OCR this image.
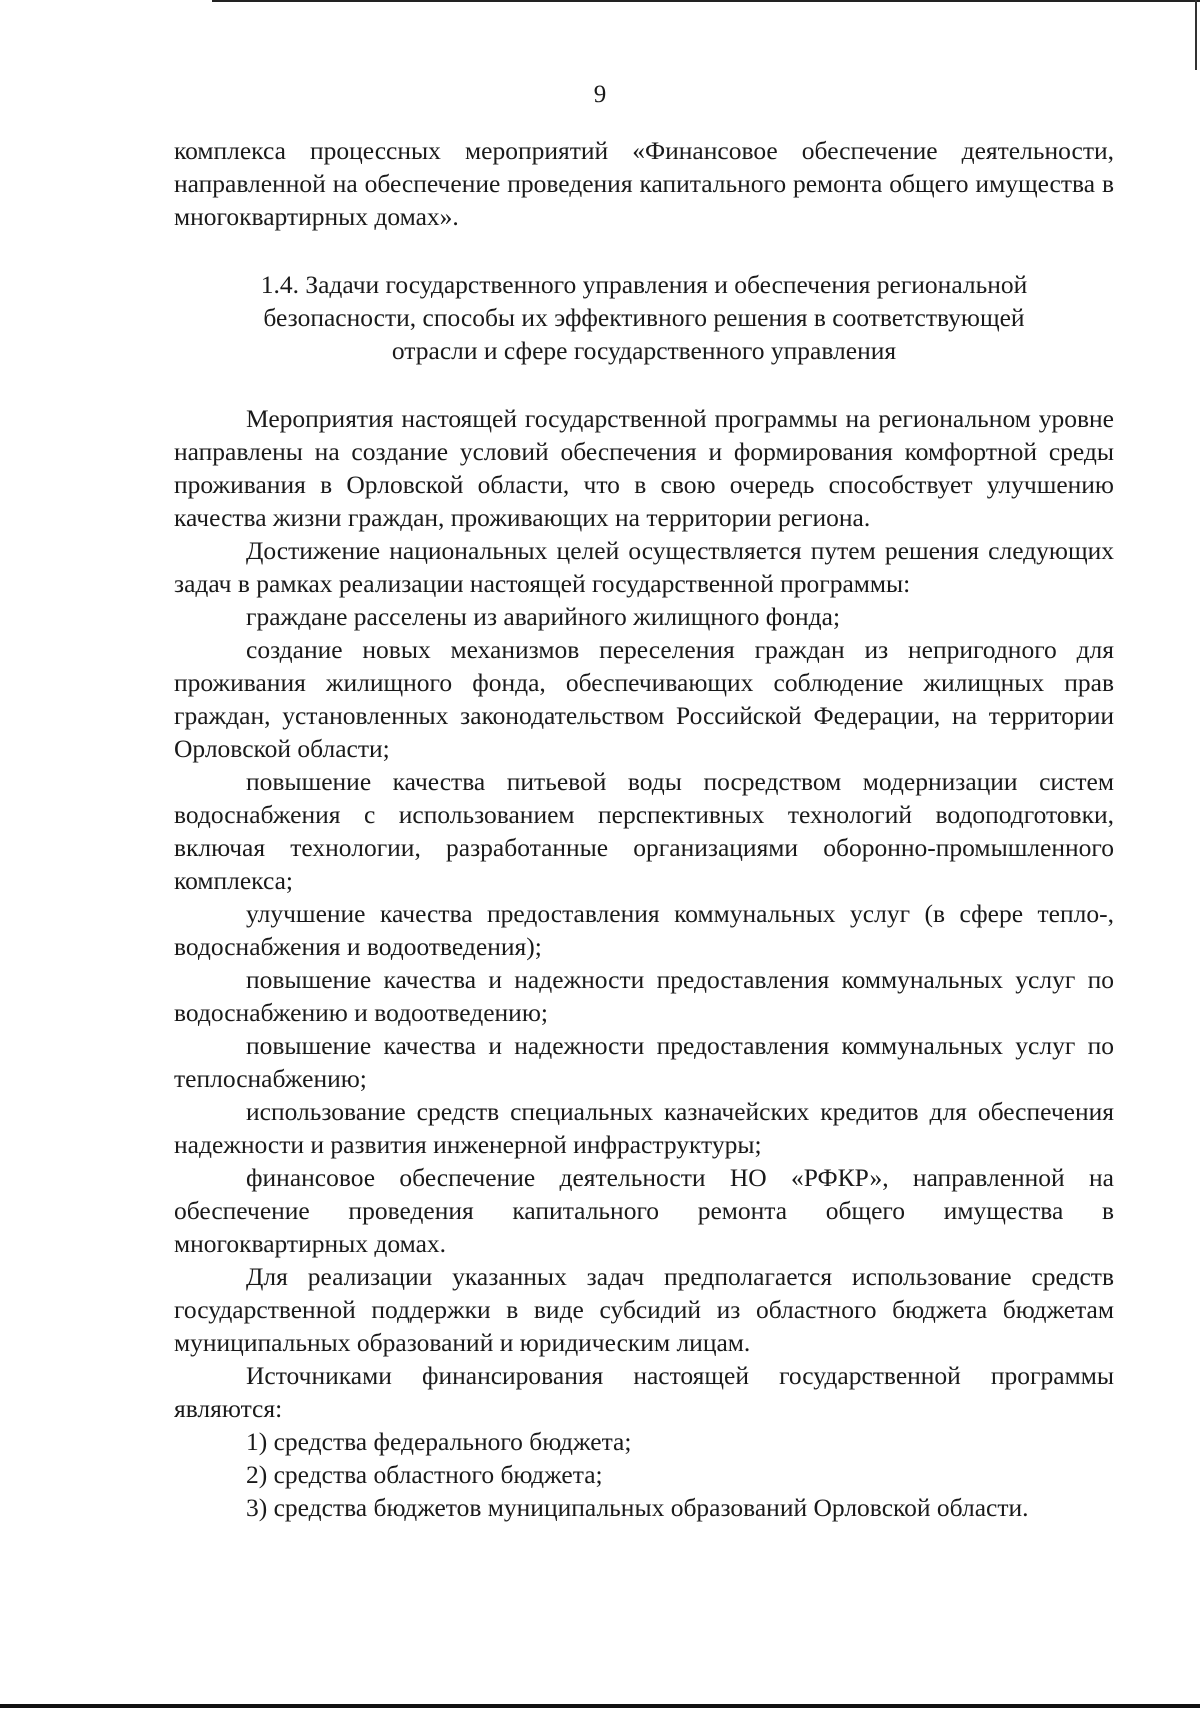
9

комплекса процессных мероприятий «Финансовое обеспечение деятельности, направленной на обеспечение проведения капитального ремонта общего имущества в многоквартирных домах».

1.4. Задачи государственного управления и обеспечения региональной
безопасности, способы их эффективного решения в соответствующей
отрасли и сфере государственного управления

Мероприятия настоящей государственной программы на региональном уровне направлены на создание условий обеспечения и формирования комфортной среды проживания в Орловской области, что в свою очередь способствует улучшению качества жизни граждан, проживающих на территории региона.

Достижение национальных целей осуществляется путем решения следующих задач в рамках реализации настоящей государственной программы:

граждане расселены из аварийного жилищного фонда;

создание новых механизмов переселения граждан из непригодного для проживания жилищного фонда, обеспечивающих соблюдение жилищных прав граждан, установленных законодательством Российской Федерации, на территории Орловской области;

повышение качества питьевой воды посредством модернизации систем водоснабжения с использованием перспективных технологий водоподготовки, включая технологии, разработанные организациями оборонно-промышленного комплекса;

улучшение качества предоставления коммунальных услуг (в сфере тепло-, водоснабжения и водоотведения);

повышение качества и надежности предоставления коммунальных услуг по водоснабжению и водоотведению;

повышение качества и надежности предоставления коммунальных услуг по теплоснабжению;

использование средств специальных казначейских кредитов для обеспечения надежности и развития инженерной инфраструктуры;

финансовое обеспечение деятельности НО «РФКР», направленной на обеспечение проведения капитального ремонта общего имущества в многоквартирных домах.

Для реализации указанных задач предполагается использование средств государственной поддержки в виде субсидий из областного бюджета бюджетам муниципальных образований и юридическим лицам.

Источниками финансирования настоящей государственной программы являются:

1) средства федерального бюджета;

2) средства областного бюджета;

3) средства бюджетов муниципальных образований Орловской области.
